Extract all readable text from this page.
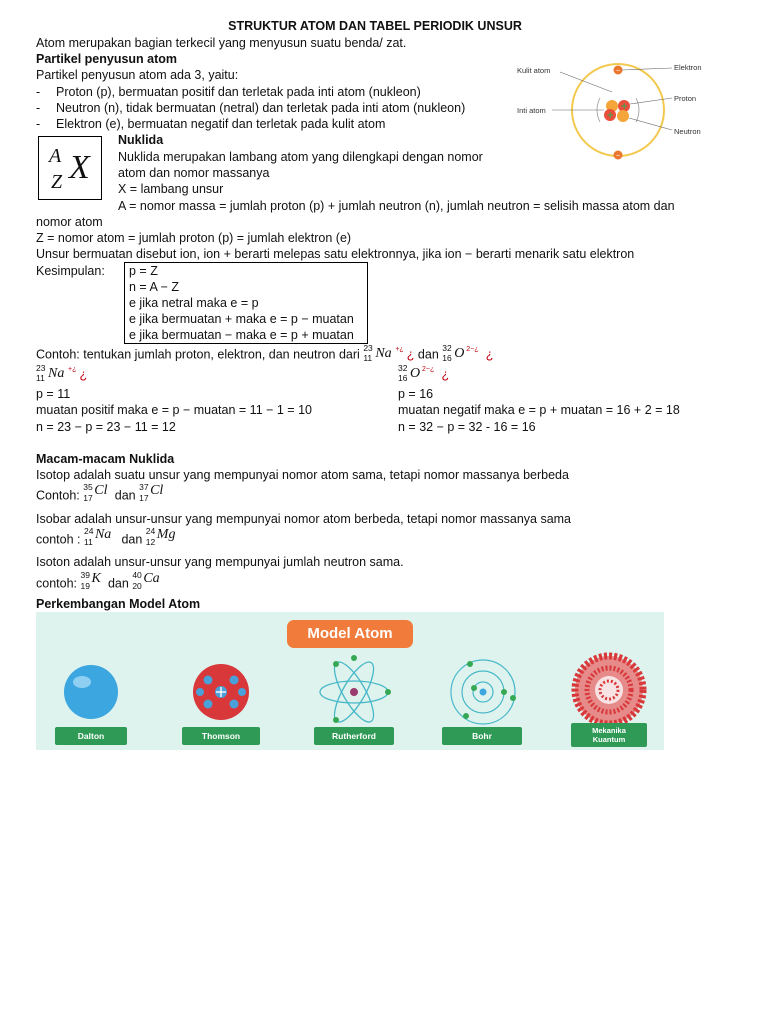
STRUKTUR ATOM DAN TABEL PERIODIK UNSUR
Atom merupakan bagian terkecil yang menyusun suatu benda/ zat.
Partikel penyusun atom
Partikel penyusun atom ada 3, yaitu:
- Proton (p), bermuatan positif dan terletak pada inti atom (nukleon)
- Neutron (n), tidak bermuatan (netral) dan terletak pada inti atom (nukleon)
- Elektron (e), bermuatan negatif dan terletak pada kulit atom
−
−
+
+
Kulit atom
Inti atom
Elektron
Proton
Neutron
A
Z X
Nuklida
Nuklida merupakan lambang atom yang dilengkapi dengan nomor
atom dan nomor massanya
X = lambang unsur
A = nomor massa = jumlah proton (p) + jumlah neutron (n), jumlah neutron = selisih massa atom dan
nomor atom
Z = nomor atom = jumlah proton (p) = jumlah elektron (e)
Unsur bermuatan disebut ion, ion + berarti melepas satu elektronnya, jika ion − berarti menarik satu elektron
Kesimpulan: p = Z
n = A − Z
e jika netral maka e = p
e jika bermuatan + maka e = p − muatan
e jika bermuatan − maka e = p + muatan
Contoh: tentukan jumlah proton, elektron, dan neutron dari 23
11 Na +¿ ¿ dan 32
16 O 2−¿ ¿
23
11 Na +¿ ¿	32
16 O 2−¿ ¿
p = 11
muatan positif maka e = p − muatan = 11 − 1 = 10
n = 23 − p = 23 − 11 = 12
p = 16
muatan negatif maka e = p + muatan = 16 + 2 = 18
n = 32 − p = 32 - 16 = 16
Macam-macam Nuklida
Isotop adalah suatu unsur yang mempunyai nomor atom sama, tetapi nomor massanya berbeda
Contoh:
35
17 Cl dan
37
17 Cl
Isobar adalah unsur-unsur yang mempunyai nomor atom berbeda, tetapi nomor massanya sama
contoh :
24
11 Na dan
24
12 Mg
Isoton adalah unsur-unsur yang mempunyai jumlah neutron sama.
contoh:
39
19 K dan
40
20 Ca
Perkembangan Model Atom
Model Atom
Dalton	Thomson	Rutherford	Bohr
Mekanika
Kuantum
